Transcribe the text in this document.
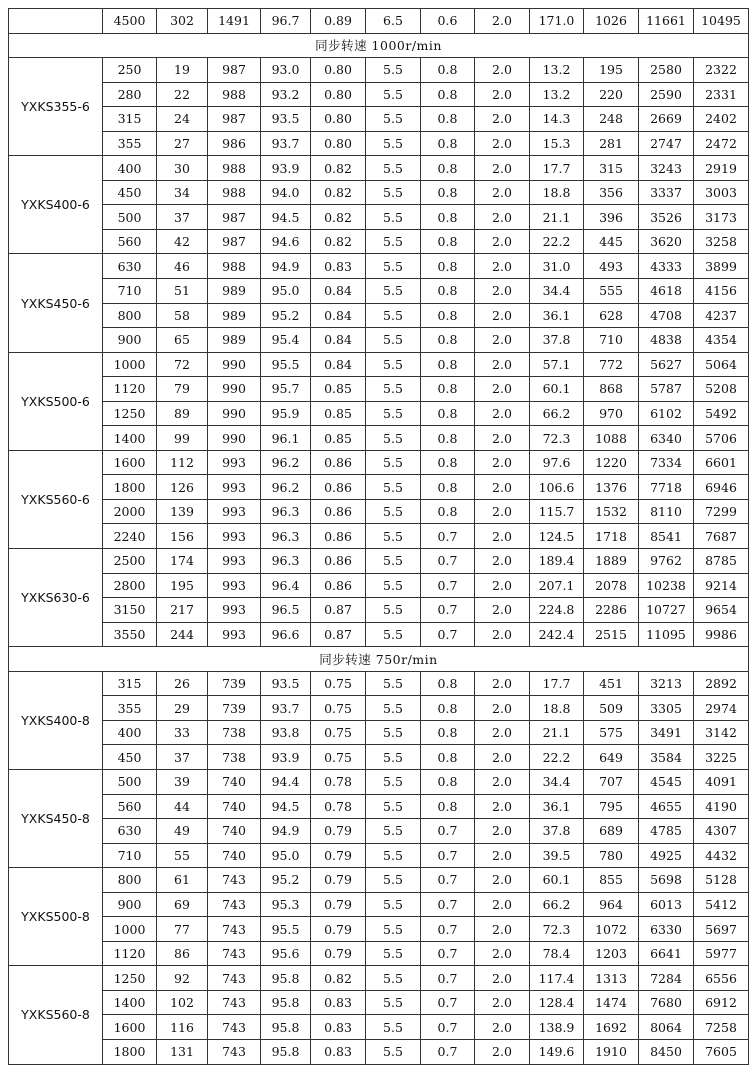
	4500	302	1491	96.7	0.89	6.5	0.6	2.0	171.0	1026	11661	10495
同步转速 1000r/min												
YXKS355-6	250	19	987	93.0	0.80	5.5	0.8	2.0	13.2	195	2580	2322
	280	22	988	93.2	0.80	5.5	0.8	2.0	13.2	220	2590	2331
	315	24	987	93.5	0.80	5.5	0.8	2.0	14.3	248	2669	2402
	355	27	986	93.7	0.80	5.5	0.8	2.0	15.3	281	2747	2472
YXKS400-6	400	30	988	93.9	0.82	5.5	0.8	2.0	17.7	315	3243	2919
	450	34	988	94.0	0.82	5.5	0.8	2.0	18.8	356	3337	3003
	500	37	987	94.5	0.82	5.5	0.8	2.0	21.1	396	3526	3173
	560	42	987	94.6	0.82	5.5	0.8	2.0	22.2	445	3620	3258
YXKS450-6	630	46	988	94.9	0.83	5.5	0.8	2.0	31.0	493	4333	3899
	710	51	989	95.0	0.84	5.5	0.8	2.0	34.4	555	4618	4156
	800	58	989	95.2	0.84	5.5	0.8	2.0	36.1	628	4708	4237
	900	65	989	95.4	0.84	5.5	0.8	2.0	37.8	710	4838	4354
YXKS500-6	1000	72	990	95.5	0.84	5.5	0.8	2.0	57.1	772	5627	5064
	1120	79	990	95.7	0.85	5.5	0.8	2.0	60.1	868	5787	5208
	1250	89	990	95.9	0.85	5.5	0.8	2.0	66.2	970	6102	5492
	1400	99	990	96.1	0.85	5.5	0.8	2.0	72.3	1088	6340	5706
YXKS560-6	1600	112	993	96.2	0.86	5.5	0.8	2.0	97.6	1220	7334	6601
	1800	126	993	96.2	0.86	5.5	0.8	2.0	106.6	1376	7718	6946
	2000	139	993	96.3	0.86	5.5	0.8	2.0	115.7	1532	8110	7299
	2240	156	993	96.3	0.86	5.5	0.7	2.0	124.5	1718	8541	7687
YXKS630-6	2500	174	993	96.3	0.86	5.5	0.7	2.0	189.4	1889	9762	8785
	2800	195	993	96.4	0.86	5.5	0.7	2.0	207.1	2078	10238	9214
	3150	217	993	96.5	0.87	5.5	0.7	2.0	224.8	2286	10727	9654
	3550	244	993	96.6	0.87	5.5	0.7	2.0	242.4	2515	11095	9986
同步转速 750r/min												
YXKS400-8	315	26	739	93.5	0.75	5.5	0.8	2.0	17.7	451	3213	2892
	355	29	739	93.7	0.75	5.5	0.8	2.0	18.8	509	3305	2974
	400	33	738	93.8	0.75	5.5	0.8	2.0	21.1	575	3491	3142
	450	37	738	93.9	0.75	5.5	0.8	2.0	22.2	649	3584	3225
YXKS450-8	500	39	740	94.4	0.78	5.5	0.8	2.0	34.4	707	4545	4091
	560	44	740	94.5	0.78	5.5	0.8	2.0	36.1	795	4655	4190
	630	49	740	94.9	0.79	5.5	0.7	2.0	37.8	689	4785	4307
	710	55	740	95.0	0.79	5.5	0.7	2.0	39.5	780	4925	4432
YXKS500-8	800	61	743	95.2	0.79	5.5	0.7	2.0	60.1	855	5698	5128
	900	69	743	95.3	0.79	5.5	0.7	2.0	66.2	964	6013	5412
	1000	77	743	95.5	0.79	5.5	0.7	2.0	72.3	1072	6330	5697
	1120	86	743	95.6	0.79	5.5	0.7	2.0	78.4	1203	6641	5977
YXKS560-8	1250	92	743	95.8	0.82	5.5	0.7	2.0	117.4	1313	7284	6556
	1400	102	743	95.8	0.83	5.5	0.7	2.0	128.4	1474	7680	6912
	1600	116	743	95.8	0.83	5.5	0.7	2.0	138.9	1692	8064	7258
	1800	131	743	95.8	0.83	5.5	0.7	2.0	149.6	1910	8450	7605
